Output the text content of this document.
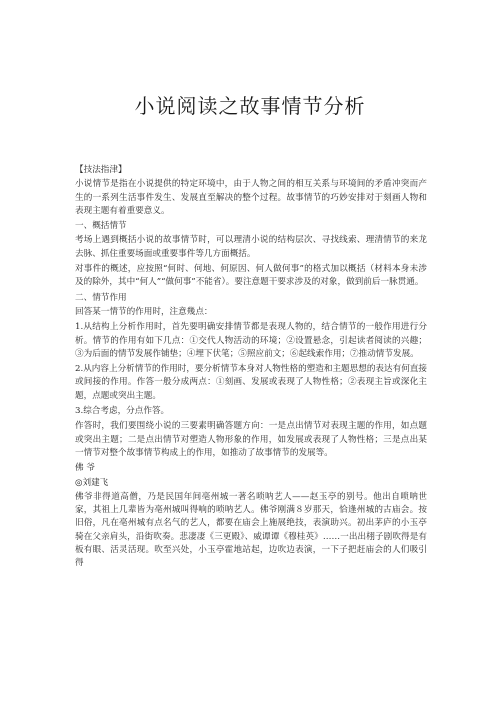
小说阅读之故事情节分析

【技法指津】

小说情节是指在小说提供的特定环境中，由于人物之间的相互关系与环境间的矛盾冲突而产生的一系列生活事件发生、发展直至解决的整个过程。故事情节的巧妙安排对于刻画人物和表现主题有着重要意义。

一、概括情节

考场上遇到概括小说的故事情节时，可以理清小说的结构层次、寻找线索、理清情节的来龙去脉、抓住重要场面或重要事件等几方面概括。

对事件的概述，应按照“何时、何地、何原因、何人做何事”的格式加以概括（材料本身未涉及的除外，其中“何人”“做何事”不能省）。要注意题干要求涉及的对象，做到前后一脉贯通。

二、情节作用

回答某一情节的作用时，注意幾点：

1.从结构上分析作用时，首先要明确安排情节都是表现人物的，结合情节的一般作用进行分析。情节的作用有如下几点：①交代人物活动的环境；②设置悬念，引起读者阅读的兴趣；③为后面的情节发展作铺垫；④埋下伏笔；⑤照应前文；⑥起线索作用；⑦推动情节发展。

2.从内容上分析情节的作用时，要分析情节本身对人物性格的塑造和主题思想的表达有何直接或间接的作用。作答一般分成两点：①刻画、发展或表现了人物性格；②表现主旨或深化主题，点题或突出主题。

3.综合考虑，分点作答。

作答时，我们要围绕小说的三要素明确答题方向：一是点出情节对表现主题的作用，如点题或突出主题；二是点出情节对塑造人物形象的作用，如发展或表现了人物性格；三是点出某一情节对整个故事情节构成上的作用，如推动了故事情节的发展等。

佛 爷

◎刘建飞

佛爷非得道高僧，乃是民国年间亳州城一著名唢呐艺人——赵玉亭的别号。他出自唢呐世家，其祖上几辈皆为亳州城叫得响的唢呐艺人。佛爷刚满８岁那天，恰逢州城的古庙会。按旧俗，凡在亳州城有点名气的艺人，都要在庙会上施展绝技，表演助兴。初出茅庐的小玉亭骑在父亲肩头，沿街吹奏。悲凄凄《三更殿》、威谭谭《穆桂英》……一出出栩子剧吹得是有板有眼、活灵活现。吹至兴处，小玉亭霍地站起，边吹边表演，一下子把赶庙会的人们吸引得
